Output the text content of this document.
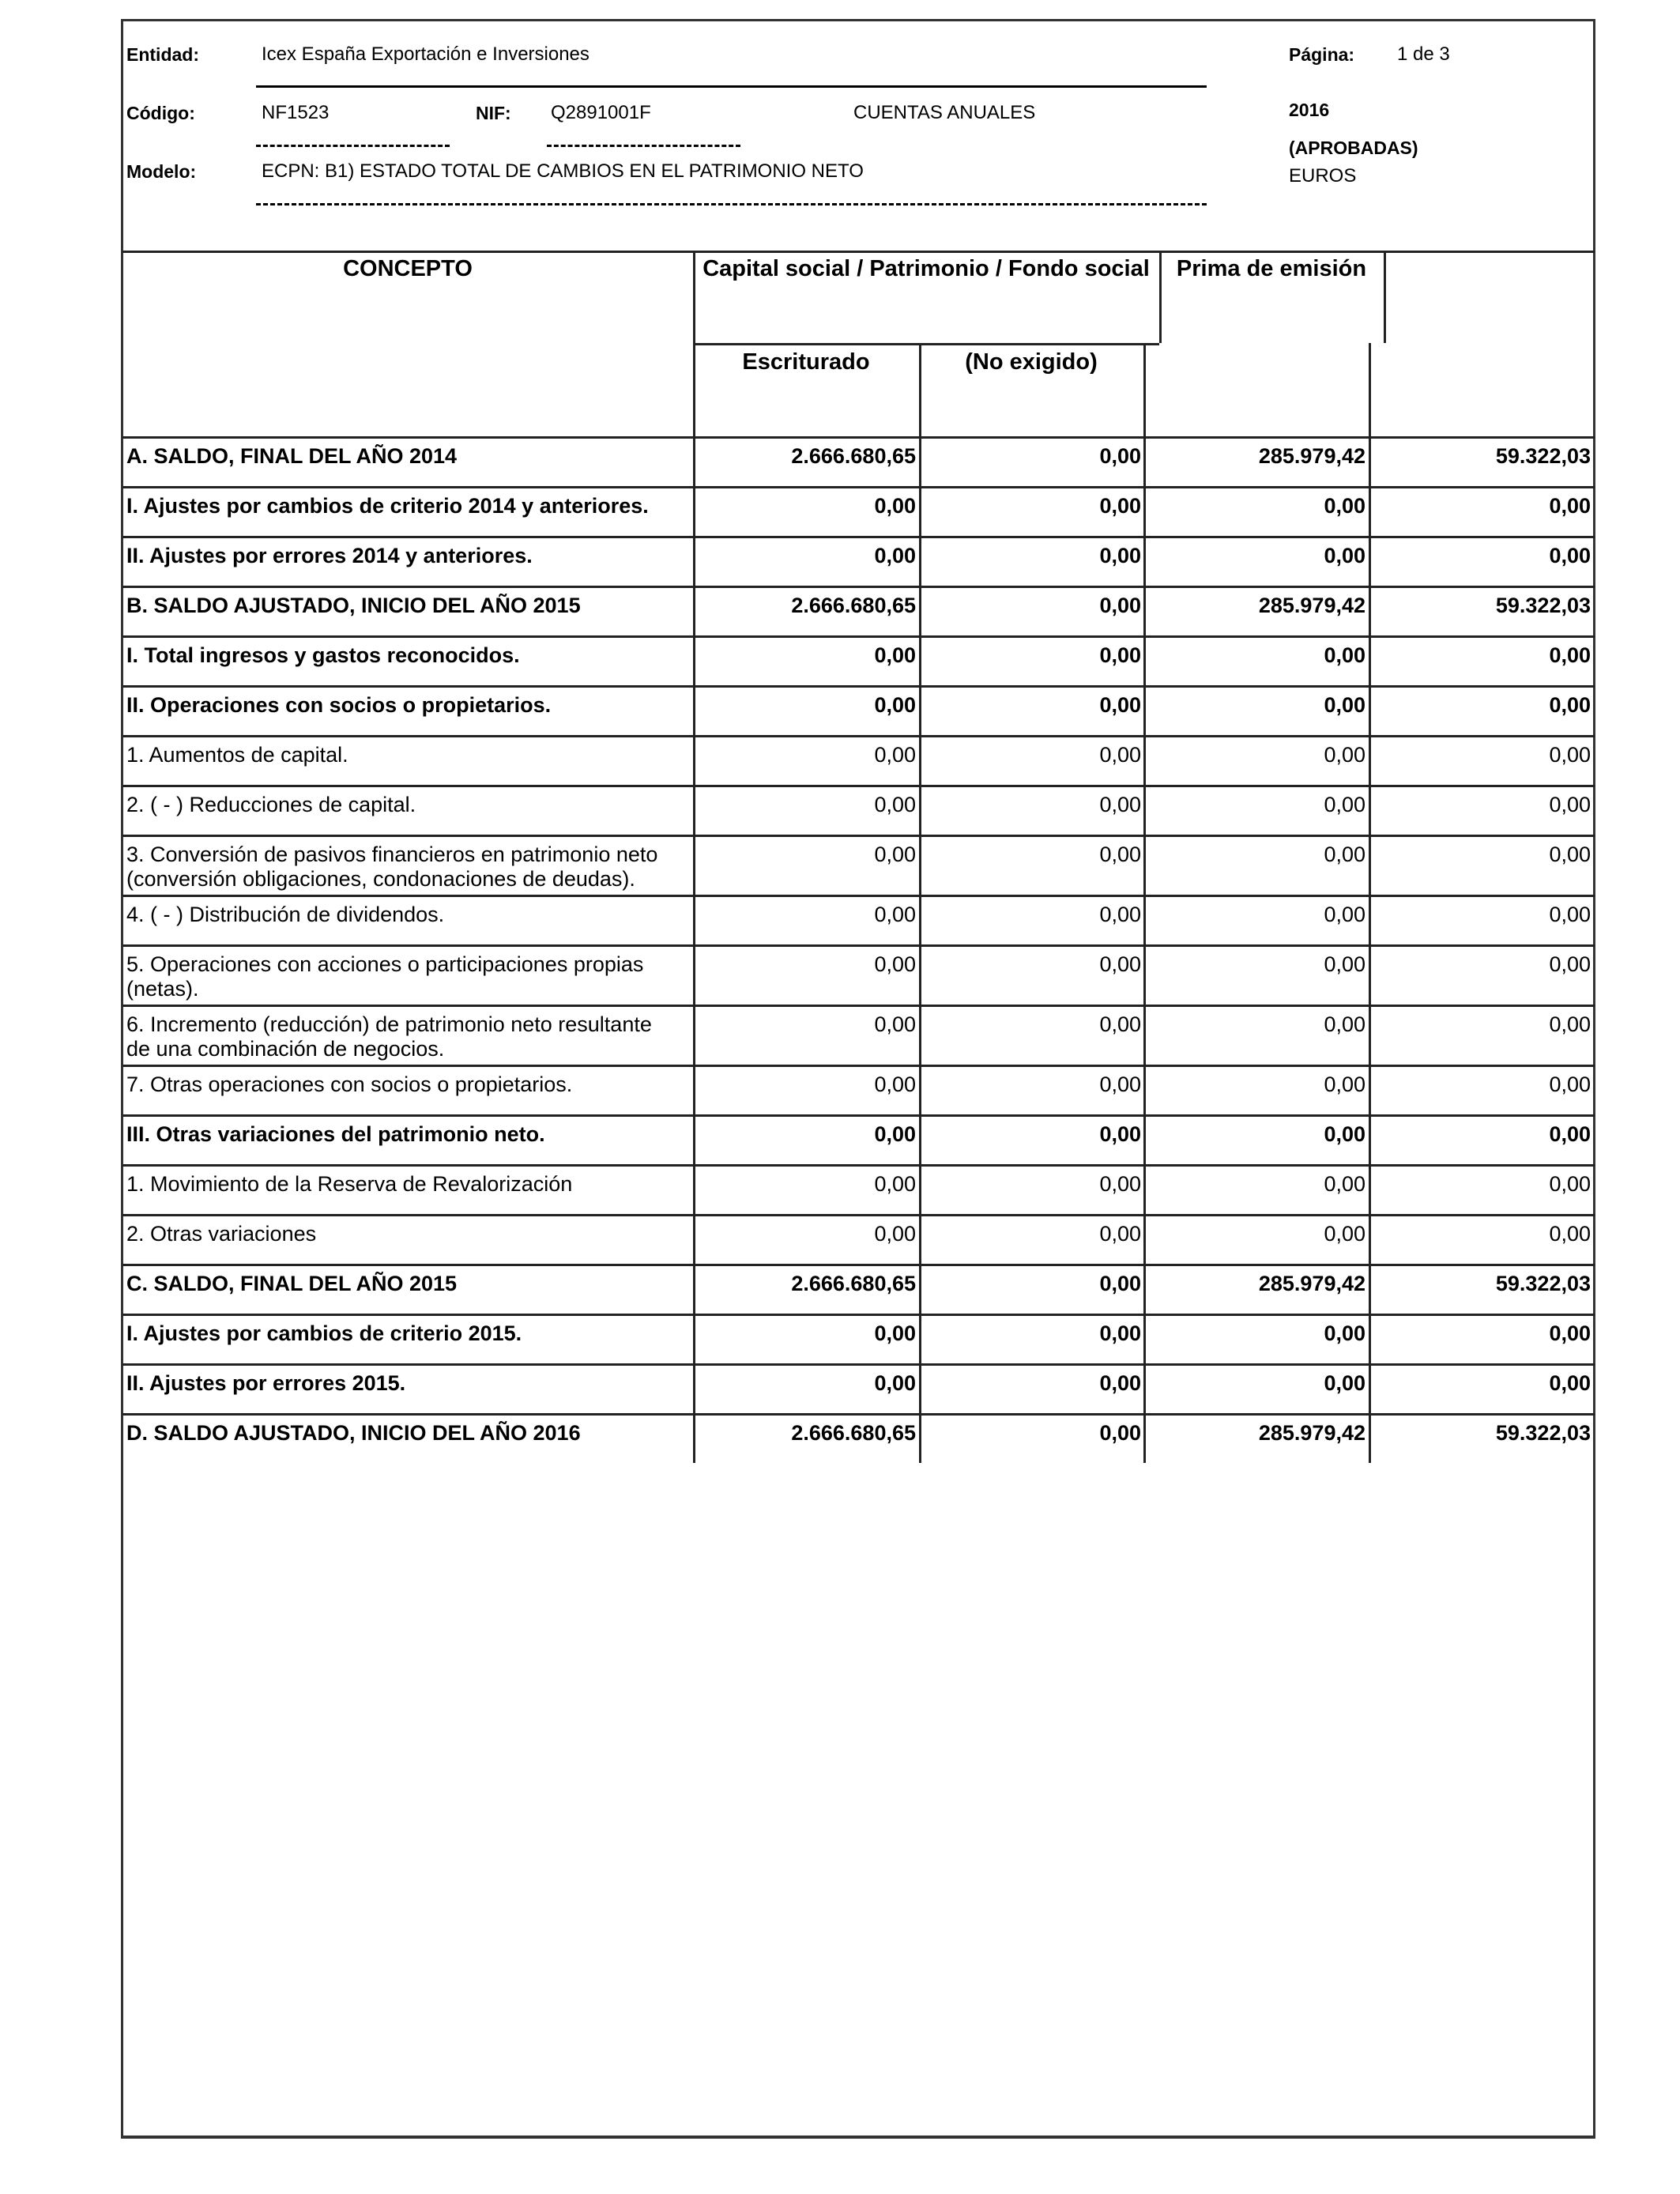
Entidad:	Icex España Exportación e Inversiones	Página: 1 de 3
Código:	NF1523	NIF: Q2891001F	CUENTAS ANUALES	2016
(APROBADAS)
Modelo:	ECPN: B1) ESTADO TOTAL DE CAMBIOS EN EL PATRIMONIO NETO	EUROS
CONCEPTO	Capital social / Patrimonio / Fondo social	Prima de emisión
Escriturado	(No exigido)
A. SALDO, FINAL DEL AÑO 2014	2.666.680,65	0,00	285.979,42	59.322,03
I. Ajustes por cambios de criterio 2014 y anteriores.	0,00	0,00	0,00	0,00
II. Ajustes por errores 2014 y anteriores.	0,00	0,00	0,00	0,00
B. SALDO AJUSTADO, INICIO DEL AÑO 2015	2.666.680,65	0,00	285.979,42	59.322,03
I. Total ingresos y gastos reconocidos.	0,00	0,00	0,00	0,00
II. Operaciones con socios o propietarios.	0,00	0,00	0,00	0,00
1. Aumentos de capital.	0,00	0,00	0,00	0,00
2. ( - ) Reducciones de capital.	0,00	0,00	0,00	0,00
3. Conversión de pasivos financieros en patrimonio neto
(conversión obligaciones, condonaciones de deudas).
0,00	0,00	0,00	0,00
4. ( - ) Distribución de dividendos.	0,00	0,00	0,00	0,00
5. Operaciones con acciones o participaciones propias
(netas).
0,00	0,00	0,00	0,00
6. Incremento (reducción) de patrimonio neto resultante
de una combinación de negocios.
0,00	0,00	0,00	0,00
7. Otras operaciones con socios o propietarios.	0,00	0,00	0,00	0,00
III. Otras variaciones del patrimonio neto.	0,00	0,00	0,00	0,00
1. Movimiento de la Reserva de Revalorización	0,00	0,00	0,00	0,00
2. Otras variaciones	0,00	0,00	0,00	0,00
C. SALDO, FINAL DEL AÑO 2015	2.666.680,65	0,00	285.979,42	59.322,03
I. Ajustes por cambios de criterio 2015.	0,00	0,00	0,00	0,00
II. Ajustes por errores 2015.	0,00	0,00	0,00	0,00
D. SALDO AJUSTADO, INICIO DEL AÑO 2016	2.666.680,65	0,00	285.979,42	59.322,03
